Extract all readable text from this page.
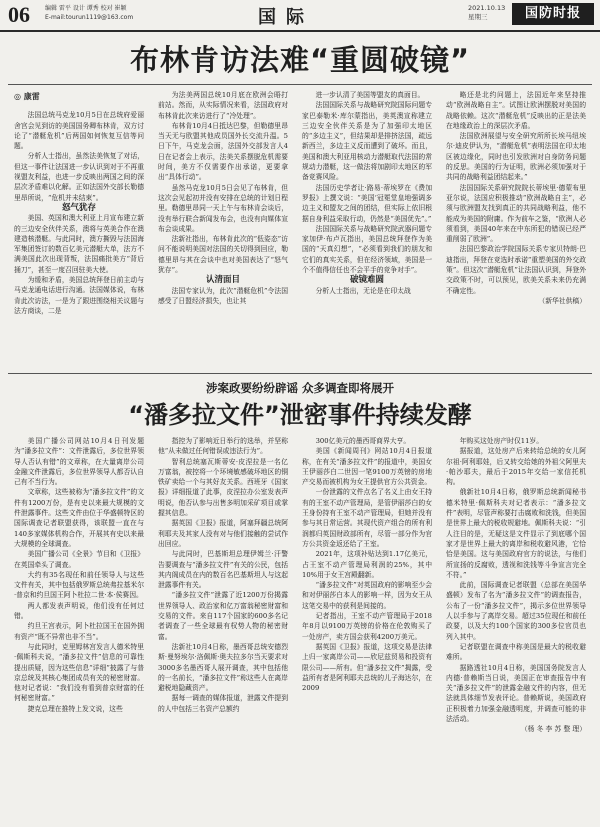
06	编辑 雷平 设计 谭秀 校对 崔颖
E-mail:tourun1119@163.com	国际	2021.10.13
星期三	国防时报
布林肯访法难“重圆破镜”
◎ 康雷

法国总统马克龙10月5日在总统府爱丽舍宫会见到访的美国国务卿布林肯，双方讨论了“潜艇危机”后两国如何恢复互信等问题。

分析人士指出，虽然法美恢复了对话，但这一事件让法国进一步认识到对于不再重视盟友利益，也进一步反映出两国之间的深层次矛盾难以化解。正如法国外交部长勒德里昂所说，“危机并未结束”。

怒气犹存

美国、英国和澳大利亚上月宣布建立新的三边安全伙伴关系，澳将与英美合作在澳建造核潜艇。与此同时，澳方撕毁与法国海军集团签订的数百亿美元潜艇大单，法方不满美国此次出现背叛，法国痛批美方“背后捅刀”，甚至一度召回驻美大使。

为缓和矛盾，美国总统拜登日前主动与马克龙通电话进行沟通。法国媒体说，布林肯此次访法，一是为了跟进围绕相关议题与法方商谈，二是

为法美两国总统10月底在欧洲会晤打前站。然而，从实际情况来看，法国政府对布林肯此次来访进行了“冷处理”。

布林肯10月4日抵达巴黎，但勒德里昂当天无与欧盟其他成员国外长交流升温。5日下午，马克龙会面，法国外交部发言人4日在记者会上表示，法美关系摆脱危机需要时间，美方不仅需要作出承诺，更要拿出“具体行动”。

虽然马克龙10月5日会见了布林肯，但这次会见起初并没有安排在总统的计划日程里。勒德里昂同一天上午与布林肯会谈后，没有举行联合新闻发布会，也没有向媒体宣布会谈成果。

法新社指出，布林肯此次的“低姿态”访问不能说明美国对法国的关切得到回应，勒德里昂与其在会谈中也对美国表达了“怒气犹存”。

认清面目

法国专家认为，此次“潜艇危机”令法国感受了日盟经济损失，也让其

进一步认清了美国等盟友的真面目。

法国国际关系与战略研究院国际问题专家巴泰勒米·库尔蒙指出，美英澳宣称建立三边安全伙伴关系是为了加强印太地区的“多边主义”，但结果却是排挤法国，疏远新西兰，多边主义反而遭到了破坏。而且，美国和澳大利亚用核动力潜艇取代法国的常规动力潜艇，这一做法将加剧印太地区的军备竞赛风险。

法国历史学者让·路易·蒂埃罗在《费加罗报》上撰文说：“美国‘冠冕堂皇地强调多边主义和盟友之间的团结，但实际上依旧根据自身利益采取行动，仍然是“美国优先”。”

法国国际关系与战略研究院武器问题专家加伊·布卢瓦指出，美国总统拜登作为美国的“天真幻想”，“必须看到我们的朋友和它们的真实关系，但在经济领域，美国是一个不值得信任也不会平手的竞争对手”。

破镜难圆

分析人士指出，无论是在印太战

略还是北约问题上，法国近年来坚持推动“欧洲战略自主”。试图让欧洲摆脱对美国的战略依赖。这次“潜艇危机”反映出的正是法美在地缘政治上的深层次矛盾。

法国欧洲展望与安全研究所所长埃马纽埃尔·迪皮伊认为，“潜艇危机”表明法国在印太地区被边缘化，同时也引发欧洲对自身防务问题的反思。美国的行为证明，欧洲必须加强对于共同的战略利益团结起来。”

法国国际关系研究院院长蒂埃里·德蒙布里亚尔说，法国应积极推动“欧洲战略自主”，必须与欧洲盟友找到真正的共同战略利益，他不能成为美国的附庸。作为前车之鉴，“欧洲人必须看到，美国40年来在中东所犯的错误已经严重削弱了欧洲”。

法国巴黎政治学院国际关系专家贝特朗·巴迪指出，拜登在竞选时承诺“重塑美国的外交政策”。但这次“潜艇危机”让法国认识到，拜登外交政策不时，可以预见，欧美关系未来仍充满不确定性。

（新华社供稿）

涉案政要纷纷辟谣 众多调查即将展开
“潘多拉文件”泄密事件持续发酵

美国广播公司网站10月4日刊发题为“潘多拉文件”：文件泄露后，多位世界领导人否认有错”的文章称，在大量离岸公司金融文件泄露后，多位世界领导人都否认自己有不当行为。

文章称，这些被称为“潘多拉文件”的文件有1200万份，是有史以来最大规模的文件泄露事件。这些文件由位于华盛顿特区的国际调查记者联盟获得，该联盟一直在与140多家媒体机构合作，开展其有史以来最大规模的全球调查。

美国广播公司《全景》节目和《卫报》在英国牵头了调查。

大约有35名现任和前任领导人与这些文件有关，其中包括俄罗斯总统弗拉基米尔·普京和约旦国王阿卜杜拉二世·本·侯赛因。

两人都发表声明说，他们没有任何过错。

约旦王宫表示，阿卜杜拉国王在国外拥有资产“既不异常也非不当”。

与此同时，克里姆林宫发言人德米特里·佩斯科夫说，“潘多拉文件”信息的可靠性提出质疑，因为这些信息“详细”披露了与普京总统及其核心集团成员有关的秘密财富。他对记者说：“我们没有看到普京财富的任何秘密财富。”

捷克总理在推特上发文说，这些

指控为了影响近日举行的选举，并坚称他“从未做过任何错误或违法行为”。

智利总统塞瓦斯蒂安·皮涅拉是一名亿万富翁，被控将一个环境敏感破坏地区的铜铁矿卖给一个与其好友关系。西班牙《国家报》详细报道了此事，皮涅拉办公室发表声明说，他否认参与出售多明加采矿项目或掌握其信息。

据英国《卫报》报道，阿塞拜疆总统阿利耶夫及其家人没有对与他们接触的尝试作出回应。

与此同时，巴基斯坦总理伊姆兰·汗警告要调查与“潘多拉文件”有关的公民，包括其内阁成员在内的数百名巴基斯坦人与这起泄露事件有关。

“潘多拉文件”泄露了近1200万份揭露世界领导人、政治家和亿万富翁秘密财富和交易的文件。来自117个国家的600多名记者调查了一些全球最有权势人物的秘密财富。

法新社10月4日称，墨西哥总统安德烈斯·曼努埃尔·洛佩斯·奥夫拉多尔当天要求对3000多名墨西哥人展开调查，其中包括他的一名前长，“潘多拉文件”称这些人在离岸避税地隐藏资产。

据每一调查的媒体报道，泄露文件提到的人中包括三名资产总额约

300亿美元的墨西哥商界大亨。

美国《新闻周刊》网站10月4日报道称，在有关“潘多拉文件”的报道中，美国女王伊丽莎白二世因一笔9100万英镑的房地产交易而被机构为女王提供官方公共资金。

一份泄露的文件点名了名义上由女王持有的王室不动产管理局，是管伊丽莎白的女王身份持有王室不动产管理局，但她并没有参与其日常运营。其现代资产组合的所有利润都归英国财政部所有，尽管一部分作为官方公共资金返还给了王室。

2021年，这项补贴达到1.17亿美元，占王室不动产管理局利润的25%，其中10%用于女王宫殿翻新。

“潘多拉文件”对英国政府的影响至少会和对伊丽莎白本人的影响一样，因为女王从这笔交易中的获利是间接的。

记者指出，王室不动产管理局于2018年8月以9100万英镑的价格在伦敦购买了一处房产，卖方国会获利4200万美元。

据英国《卫报》报道，这项交易是法律上归一家离岸公司——欣尼兹贸易和投资有限公司——所有。但“潘多拉文件”揭露，受益所有者是阿利耶夫总统的儿子海达尔，在2009

年购买这处房产时仅11岁。

据报道，这处房产后来转给总统的女儿阿尔祖·阿利耶娃，后又转交给她的外祖父阿里夫·帕沙耶夫，最后于2015年交给一家信托机构。

俄新社10月4日称，俄罗斯总统新闻秘书德米特里·佩斯科夫对记者表示：“潘多拉文件”表明，尽管声称要打击腐败和洗钱，但美国是世界上最大的税收规避地。佩斯科夫说：“引人注目的是，无疑这是文件显示了到底哪个国家才是世界上最大的离岸和税收避风港，它恰恰是美国。这与美国政府官方的说法，与他们所宣扬的反腐败，透视和洗钱等斗争宣言完全不符。”

此前，国际调查记者联盟（总部在美国华盛顿）发布了名为“潘多拉文件”的调查报告，公布了一份“潘多拉文件”，揭示多位世界领导人以手参与了离岸交易。超过35位现任和前任政要，以及大约100个国家的300多位官员也列入其中。

记者联盟在调查中称美国是最大的税收避难所。

据路透社10月4日称，美国国务院发言人内德·普赖斯当日说，美国正在审查报告中有关“潘多拉文件”的泄露金融文件的内容，但无法就具体细节发表评论。普赖斯说，美国政府正积极着力加强金融透明度，并调查可能的非法活动。

（杨 冬 李 苏 整 理）
